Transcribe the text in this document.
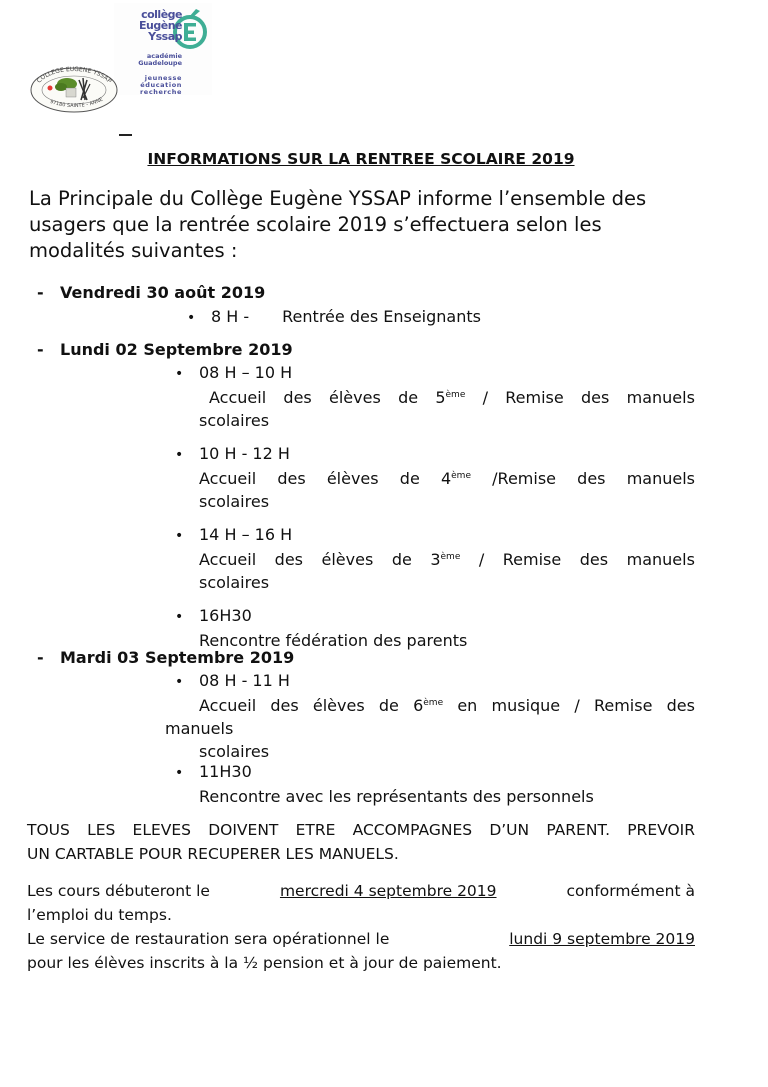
collège
Eugène Yssap
académie
Guadeloupe
jeunesse
éducation
recherche
COLLEGE EUGENE YSSAP
97180 SAINTE - ANNE
INFORMATIONS SUR LA RENTREE SCOLAIRE 2019
La Principale du Collège Eugène YSSAP informe l’ensemble des
usagers que la rentrée scolaire 2019 s’effectuera selon les
modalités suivantes :
- Vendredi 30 août 2019
• 8 H - Rentrée des Enseignants
- Lundi 02 Septembre 2019
• 08 H – 10 H
Accueil des élèves de 5ème / Remise des manuels
scolaires
• 10 H - 12 H
Accueil des élèves de 4ème /Remise des manuels
scolaires
• 14 H – 16 H
Accueil des élèves de 3ème / Remise des manuels
scolaires
• 16H30
Rencontre fédération des parents
- Mardi 03 Septembre 2019
• 08 H - 11 H
Accueil des élèves de 6ème en musique / Remise des
manuels
scolaires
• 11H30
Rencontre avec les représentants des personnels
TOUS LES ELEVES DOIVENT ETRE ACCOMPAGNES D’UN PARENT. PREVOIR
UN CARTABLE POUR RECUPERER LES MANUELS.
Les cours débuteront le	mercredi 4 septembre 2019	conformément à
l’emploi du temps.
Le service de restauration sera opérationnel le	lundi 9 septembre 2019
pour les élèves inscrits à la ½ pension et à jour de paiement.
